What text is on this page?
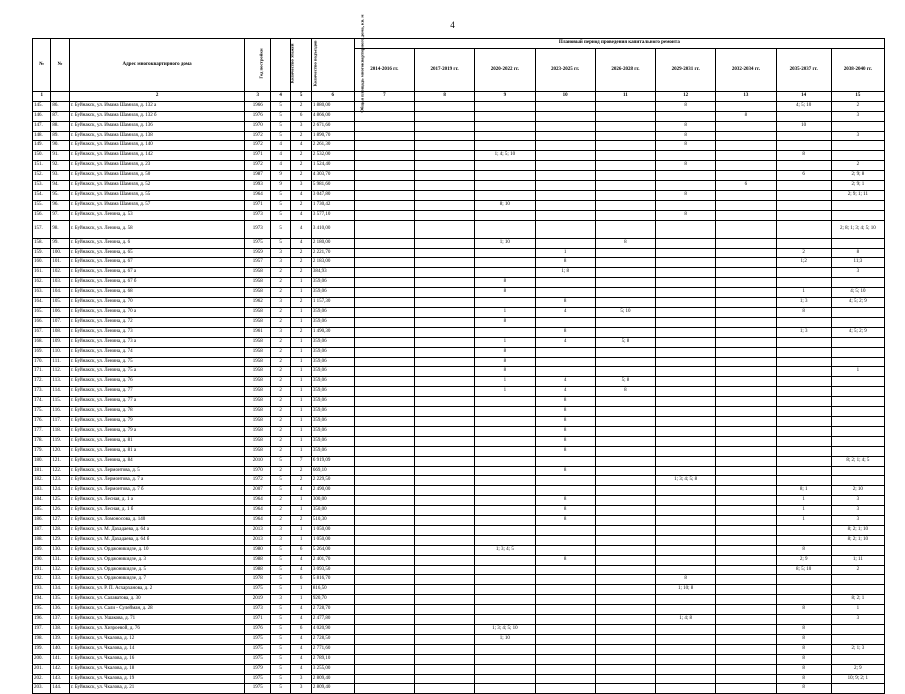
4
№	№	Адрес многоквартирного дома	Год постройки	Количество этажей	Количество подъездов	Общая площадь многоквартирного дома, кв. м	Плановый период проведения капитального ремонта								
							2014-2016 гг.	2017-2019 гг.	2020-2022 гг.	2023-2025 гг.	2026-2028 гг.	2029-2031 гг.	2032-2034 гг.	2035-2037 гг.	2038-2040 гг.
1		2	3	4	5	6	7	8	9	10	11	12	13	14	15
145.	86.	г. Буйнакск, ул. Имама Шамиля, д. 132 а	1966	5	2	1 880,00						8		4; 5; 10	2
146.	87.	г. Буйнакск, ул. Имама Шамиля, д. 132 б	1976	5	6	4 866,00							8		3
147.	88.	г. Буйнакск, ул. Имама Шамиля, д. 136	1970	5	3	2 671,60						8		10	
148.	89.	г. Буйнакск, ул. Имама Шамиля, д. 138	1972	5	2	1 890,70						8			3
149.	90.	г. Буйнакск, ул. Имама Шамиля, д. 140	1972	4	4	2 261,30						8			
150.	91.	г. Буйнакск, ул. Имама Шамиля, д. 142	1971	4	2	2 532,00			1; 4; 5; 10					8	
151.	92.	г. Буйнакск, ул. Имама Шамиля, д. 23	1972	4	2	1 524,40						8			2
152.	93.	г. Буйнакск, ул. Имама Шамиля, д. 50	1987	9	2	4 303,70								6	2; 9; 8
153.	94.	г. Буйнакск, ул. Имама Шамиля, д. 52	1993	9	3	5 981,60							6		2; 9; 1
154.	95.	г. Буйнакск, ул. Имама Шамиля, д. 55	1964	5	4	3 047,80						8			2; 9; 1; 11
155.	96.	г. Буйнакск, ул. Имама Шамиля, д. 57	1971	5	2	1 730,42			8; 10						
156.	97.	г. Буйнакск, ул. Ленина, д. 53	1973	5	4	3 577,10						8			
157.	98.	г. Буйнакск, ул. Ленина, д. 58	1973	5	4	3 410,00									2; 8; 1; 3; 4; 5; 10
158.	99.	г. Буйнакск, ул. Ленина, д. 6	1975	5	4	2 180,00			1; 10		8				
159.	100.	г. Буйнакск, ул. Ленина, д. 65	1959	3	2	2 221,70				1				2	8
160.	101.	г. Буйнакск, ул. Ленина, д. 67	1957	3	2	2 183,00				8				1;2	11;3
161.	102.	г. Буйнакск, ул. Ленина, д. 67 а	1958	2	2	384,93				1; 8					3
162.	103.	г. Буйнакск, ул. Ленина, д. 67 б	1958	2	1	359,06			8						
163.	104.	г. Буйнакск, ул. Ленина, д. 68	1958	2	1	359,06			8					1	4; 5; 10
164.	105.	г. Буйнакск, ул. Ленина, д. 70	1962	3	2	1 157,30				8				1; 3	4; 5; 2; 9
165.	106.	г. Буйнакск, ул. Ленина, д. 70 а	1958	2	1	359,06			1	4	5; 10			8	
166.	107.	г. Буйнакск, ул. Ленина, д. 72	1958	2	1	359,06			8						
167.	108.	г. Буйнакск, ул. Ленина, д. 73	1961	3	2	1 490,30				8				1; 3	4; 5; 2; 9
168.	109.	г. Буйнакск, ул. Ленина, д. 73 а	1958	2	1	359,06			1	4	5; 8				
169.	110.	г. Буйнакск, ул. Ленина, д. 74	1958	2	1	359,06			8						
170.	111.	г. Буйнакск, ул. Ленина, д. 75	1958	2	1	359,06			8						
171.	112.	г. Буйнакск, ул. Ленина, д. 75 а	1958	2	1	359,06			8						1
172.	113.	г. Буйнакск, ул. Ленина, д. 76	1958	2	1	359,06			1	4	5; 8				
173.	114.	г. Буйнакск, ул. Ленина, д. 77	1958	2	1	359,06			1	4	8				
174.	115.	г. Буйнакск, ул. Ленина, д. 77 а	1958	2	1	359,06				8					
175.	116.	г. Буйнакск, ул. Ленина, д. 78	1958	2	1	359,06				8					
176.	117.	г. Буйнакск, ул. Ленина, д. 79	1958	2	1	359,06				8					
177.	118.	г. Буйнакск, ул. Ленина, д. 79 а	1958	2	1	359,06				8					
178.	119.	г. Буйнакск, ул. Ленина, д. 81	1958	2	1	359,06				8					
179.	120.	г. Буйнакск, ул. Ленина, д. 81 а	1958	2	1	359,06				8					
180.	121.	г. Буйнакск, ул. Ленина, д. 84	2010	5	7	6 919,09									8; 2; 1; 4; 5
181.	122.	г. Буйнакск, ул. Лермонтова, д. 5	1970	2	2	669,10				8					
182.	123.	г. Буйнакск, ул. Лермонтова, д. 7 а	1972	5	2	2 229,50						1; 3; 4; 5; 8			
183.	124.	г. Буйнакск, ул. Лермонтова, д. 7 б	2007	5	4	2 490,00								8; 1	2; 10
184.	125.	г. Буйнакск, ул. Лесная, д. 1 а	1964	2	1	300,00				8				1	3
185.	126.	г. Буйнакск, ул. Лесная, д. 1 б	1964	2	1	350,00				8				1	3
186.	127.	г. Буйнакск, ул. Ломоносова, д. 140	1964	2	2	510,30				8				1	3
187.	128.	г. Буйнакск, ул. М. Дахадаева, д. 64 а	2013	3	1	1 050,00									8; 2; 1; 10
188.	129.	г. Буйнакск, ул. М. Дахадаева, д. 64 б	2013	3	1	1 050,00									8; 2; 1; 10
189.	130.	г. Буйнакск, ул. Орджоникидзе, д. 10	1980	5	6	5 264,00			1; 3; 4; 5					8	
190.	131.	г. Буйнакск, ул. Орджоникидзе, д. 3	1988	5	4	2 401,70				8				2; 9	1; 11
191.	132.	г. Буйнакск, ул. Орджоникидзе, д. 5	1988	5	4	3 093,50								8; 5; 10	2
192.	133.	г. Буйнакск, ул. Орджоникидзе, д. 7	1978	5	6	5 816,70						8			
193.	134.	г. Буйнакск, ул. Р. П. Асхарханова, д. 2	1975	5	1	816,50						1; 10; 8			
194.	135.	г. Буйнакск, ул. Салаватова, д. 30	2019	3	1	920,70									8; 2; 1
195.	136.	г. Буйнакск, ул. Сали - Сулейман, д. 28	1973	5	4	2 728,70								8	1
196.	137.	г. Буйнакск, ул. Ушакова, д. 71	1971	5	4	2 477,80						1; 4; 8			3
197.	138.	г. Буйнакск, ул. Хизроевой, д. 76	1976	5	6	4 020,90			1; 3; 4; 5; 10					8	
198.	139.	г. Буйнакск, ул. Чкалова, д. 12	1975	5	4	2 728,50			1; 10					8	
199.	140.	г. Буйнакск, ул. Чкалова, д. 14	1975	5	4	2 771,60								8	2; 1; 3
200.	141.	г. Буйнакск, ул. Чкалова, д. 16	1975	5	4	2 789,10								8	
201.	142.	г. Буйнакск, ул. Чкалова, д. 18	1979	5	4	3 255,00								8	2; 9
202.	143.	г. Буйнакск, ул. Чкалова, д. 19	1975	5	3	2 809,40								8	10; 9; 2; 1
203.	144.	г. Буйнакск, ул. Чкалова, д. 21	1975	5	3	2 809,40								8	
